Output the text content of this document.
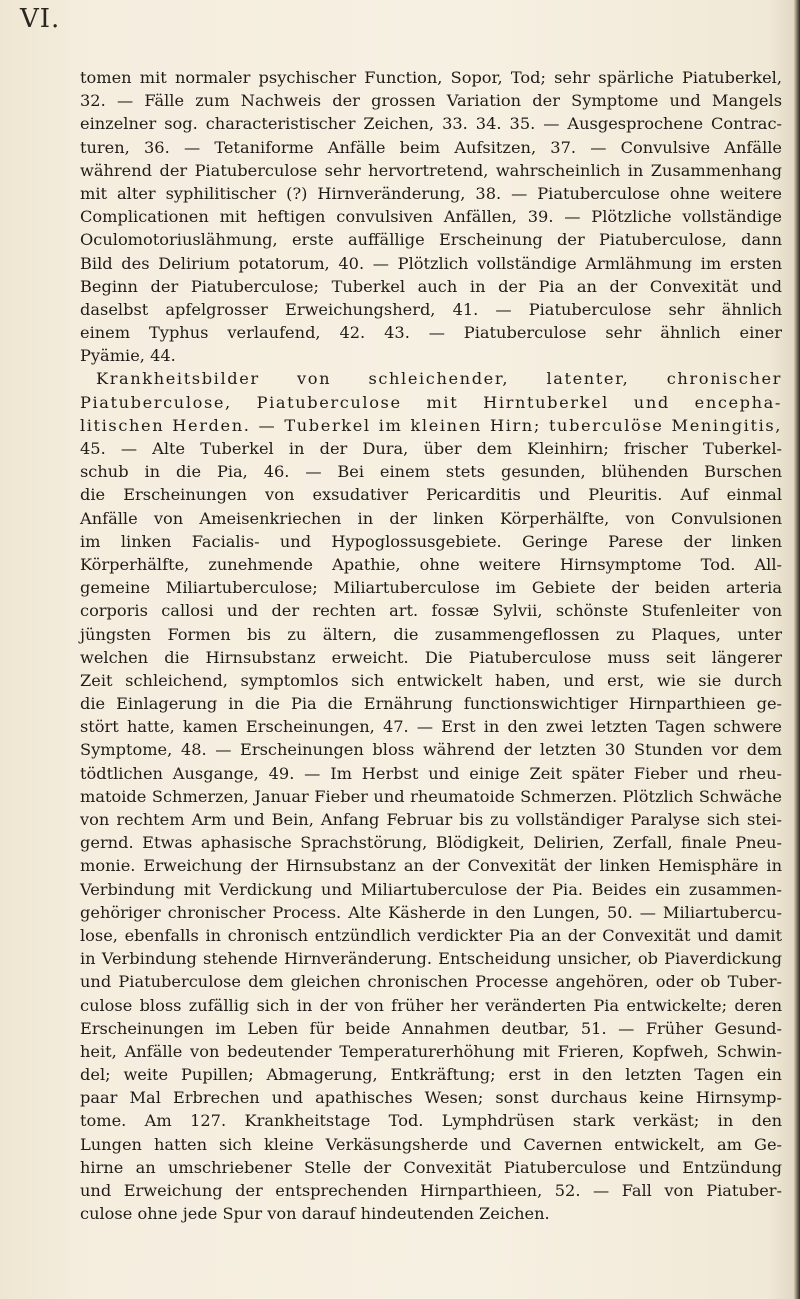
VI.
tomen mit normaler psychischer Function, Sopor, Tod; sehr spärliche Piatuberkel,
32. — Fälle zum Nachweis der grossen Variation der Symptome und Mangels
einzelner sog. characteristischer Zeichen, 33. 34. 35. — Ausgesprochene Contrac-
turen, 36. — Tetaniforme Anfälle beim Aufsitzen, 37. — Convulsive Anfälle
während der Piatuberculose sehr hervortretend, wahrscheinlich in Zusammenhang
mit alter syphilitischer (?) Hirnveränderung, 38. — Piatuberculose ohne weitere
Complicationen mit heftigen convulsiven Anfällen, 39. — Plötzliche vollständige
Oculomotoriuslähmung, erste auffällige Erscheinung der Piatuberculose, dann
Bild des Delirium potatorum, 40. — Plötzlich vollständige Armlähmung im ersten
Beginn der Piatuberculose; Tuberkel auch in der Pia an der Convexität und
daselbst apfelgrosser Erweichungsherd, 41. — Piatuberculose sehr ähnlich
einem Typhus verlaufend, 42. 43. — Piatuberculose sehr ähnlich einer
Pyämie, 44.
Krankheitsbilder von schleichender, latenter, chronischer
Piatuberculose, Piatuberculose mit Hirntuberkel und encepha-
litischen Herden. — Tuberkel im kleinen Hirn; tuberculöse Meningitis,
45. — Alte Tuberkel in der Dura, über dem Kleinhirn; frischer Tuberkel-
schub in die Pia, 46. — Bei einem stets gesunden, blühenden Burschen
die Erscheinungen von exsudativer Pericarditis und Pleuritis. Auf einmal
Anfälle von Ameisenkriechen in der linken Körperhälfte, von Convulsionen
im linken Facialis- und Hypoglossusgebiete. Geringe Parese der linken
Körperhälfte, zunehmende Apathie, ohne weitere Hirnsymptome Tod. All-
gemeine Miliartuberculose; Miliartuberculose im Gebiete der beiden arteria
corporis callosi und der rechten art. fossæ Sylvii, schönste Stufenleiter von
jüngsten Formen bis zu ältern, die zusammengeflossen zu Plaques, unter
welchen die Hirnsubstanz erweicht. Die Piatuberculose muss seit längerer
Zeit schleichend, symptomlos sich entwickelt haben, und erst, wie sie durch
die Einlagerung in die Pia die Ernährung functionswichtiger Hirnparthieen ge-
stört hatte, kamen Erscheinungen, 47. — Erst in den zwei letzten Tagen schwere
Symptome, 48. — Erscheinungen bloss während der letzten 30 Stunden vor dem
tödtlichen Ausgange, 49. — Im Herbst und einige Zeit später Fieber und rheu-
matoide Schmerzen, Januar Fieber und rheumatoide Schmerzen. Plötzlich Schwäche
von rechtem Arm und Bein, Anfang Februar bis zu vollständiger Paralyse sich stei-
gernd. Etwas aphasische Sprachstörung, Blödigkeit, Delirien, Zerfall, finale Pneu-
monie. Erweichung der Hirnsubstanz an der Convexität der linken Hemisphäre in
Verbindung mit Verdickung und Miliartuberculose der Pia. Beides ein zusammen-
gehöriger chronischer Process. Alte Käsherde in den Lungen, 50. — Miliartubercu-
lose, ebenfalls in chronisch entzündlich verdickter Pia an der Convexität und damit
in Verbindung stehende Hirnveränderung. Entscheidung unsicher, ob Piaverdickung
und Piatuberculose dem gleichen chronischen Processe angehören, oder ob Tuber-
culose bloss zufällig sich in der von früher her veränderten Pia entwickelte; deren
Erscheinungen im Leben für beide Annahmen deutbar, 51. — Früher Gesund-
heit, Anfälle von bedeutender Temperaturerhöhung mit Frieren, Kopfweh, Schwin-
del; weite Pupillen; Abmagerung, Entkräftung; erst in den letzten Tagen ein
paar Mal Erbrechen und apathisches Wesen; sonst durchaus keine Hirnsymp-
tome. Am 127. Krankheitstage Tod. Lymphdrüsen stark verkäst; in den
Lungen hatten sich kleine Verkäsungsherde und Cavernen entwickelt, am Ge-
hirne an umschriebener Stelle der Convexität Piatuberculose und Entzündung
und Erweichung der entsprechenden Hirnparthieen, 52. — Fall von Piatuber-
culose ohne jede Spur von darauf hindeutenden Zeichen.
